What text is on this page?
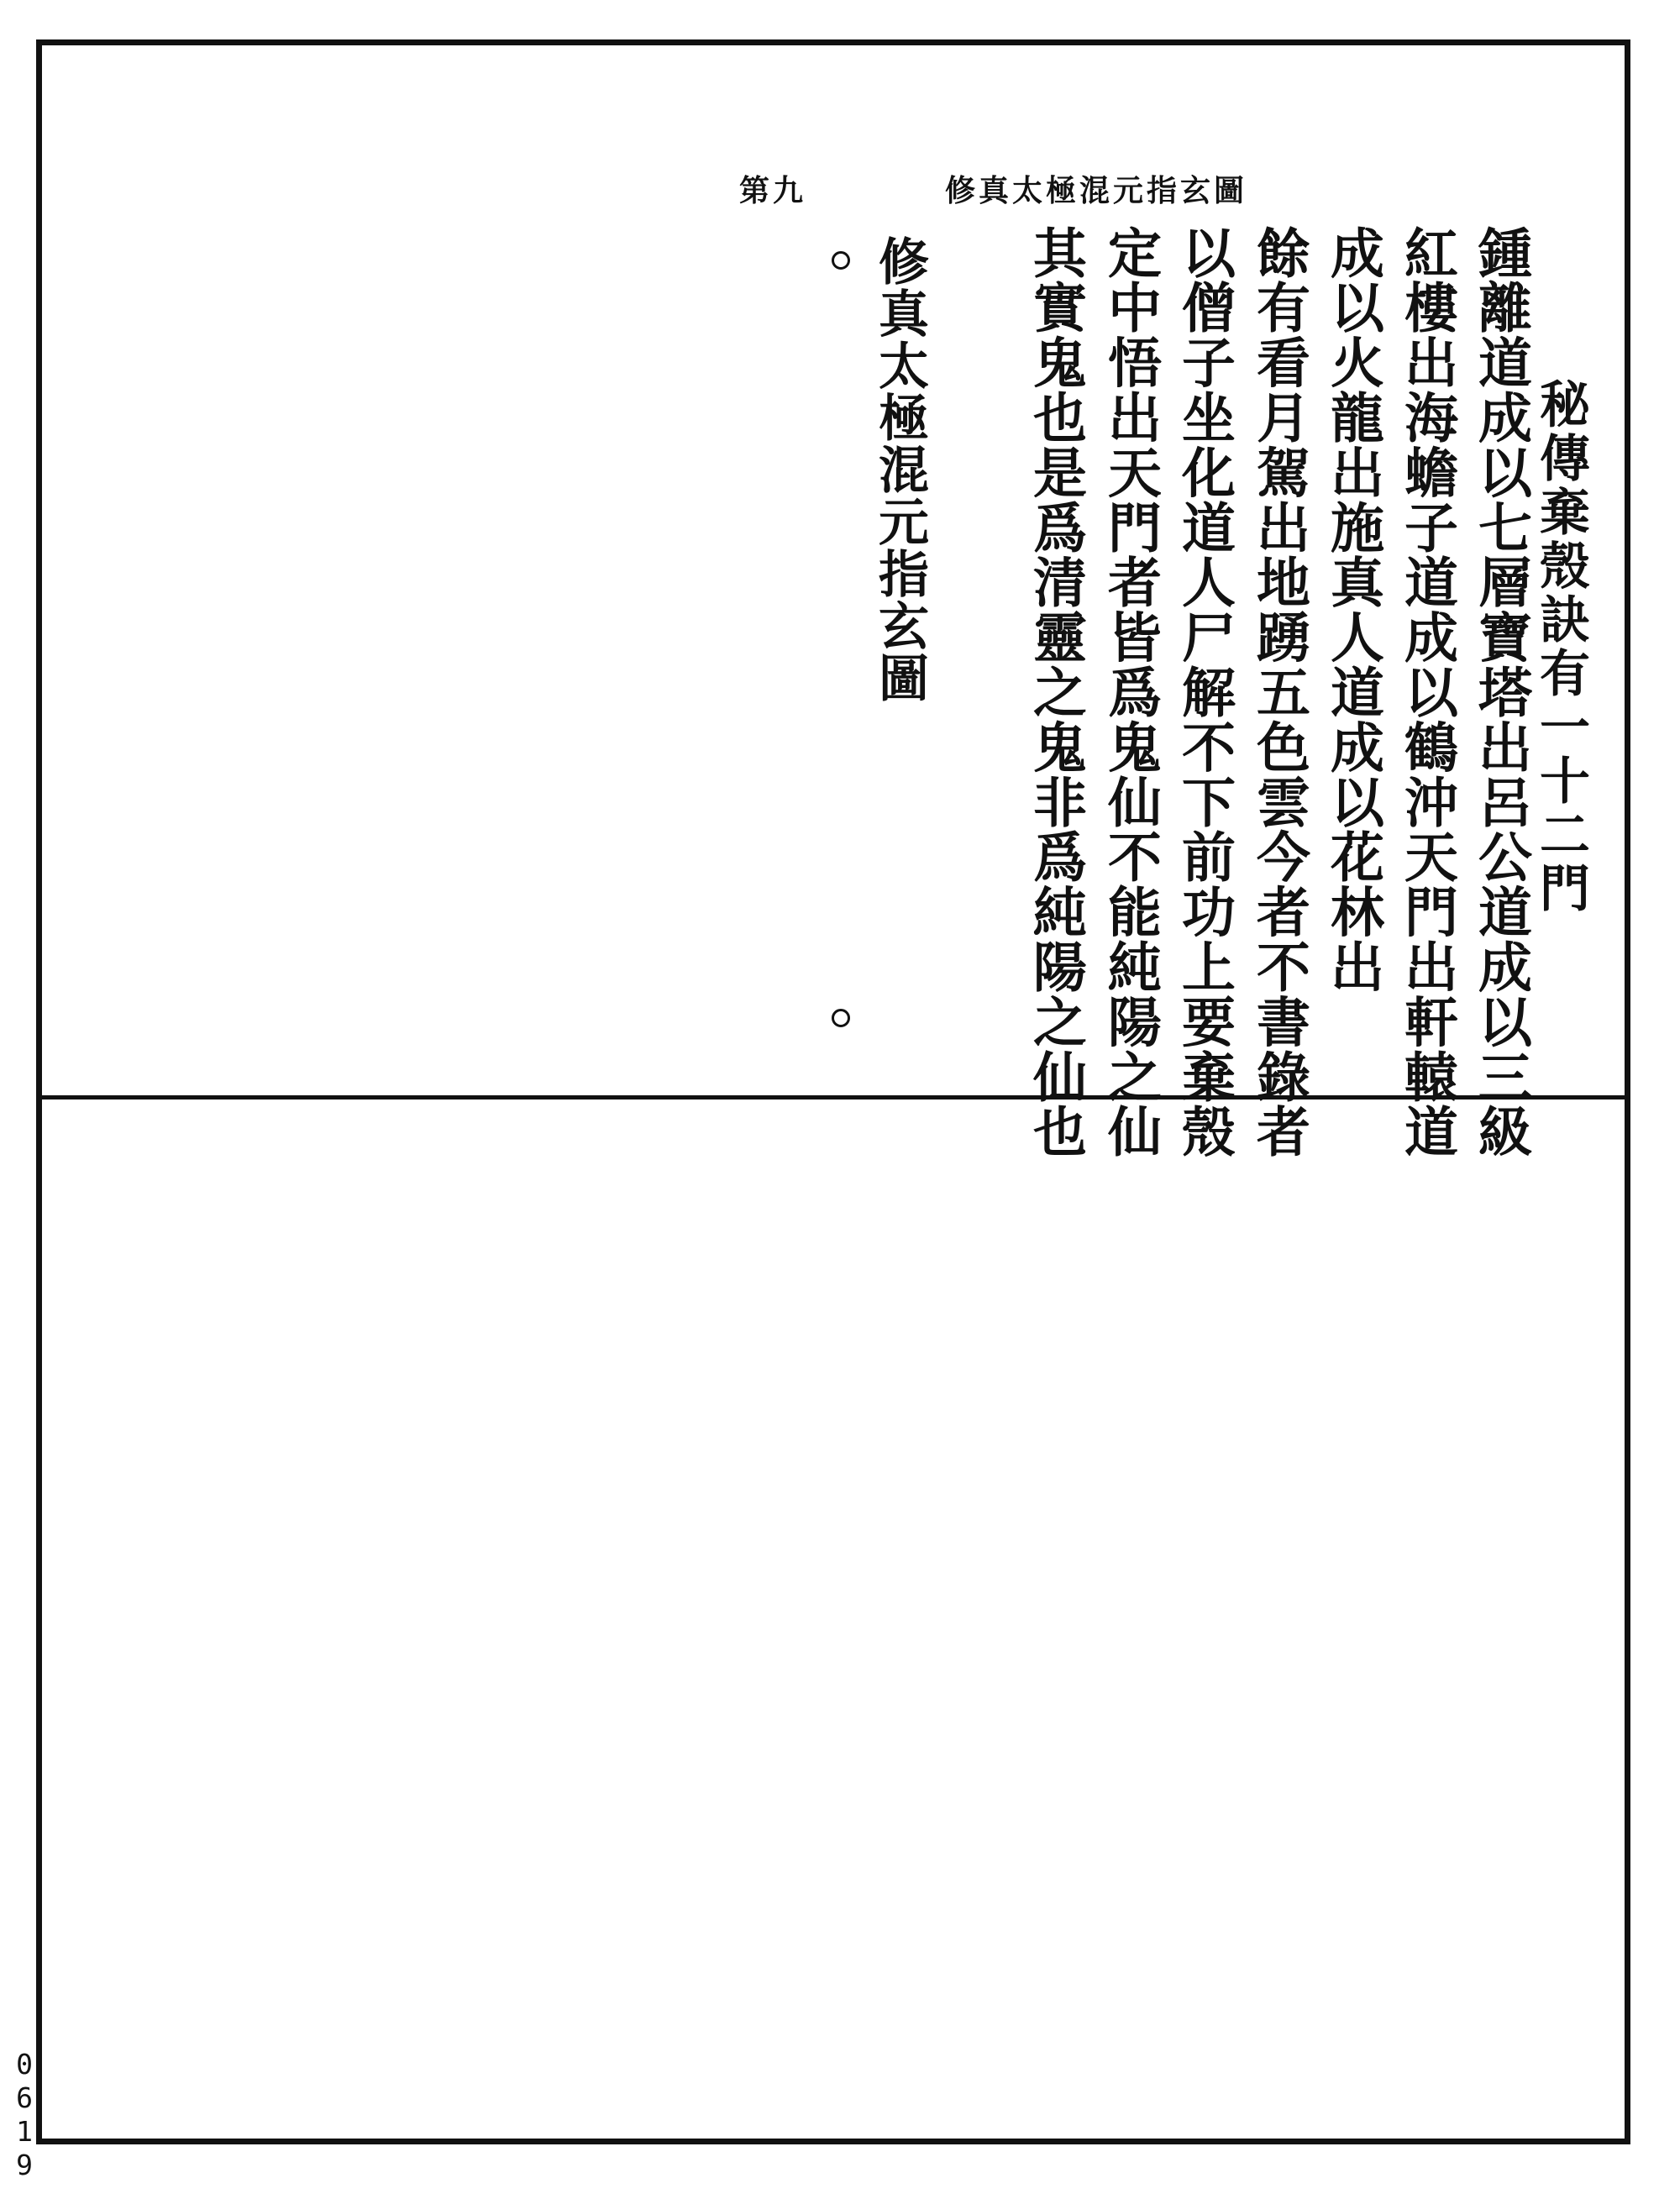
第九	修真太極混元指玄圖
秘傳棄殼訣有一十二門
鍾離道成以七層寶塔出呂公道成以三級
紅樓出海蟾子道成以鶴沖天門出軒轅道
成以火龍出施真人道成以花林出
餘有看月駕出地踴五色雲今者不書錄者
以僧子坐化道人尸解不下前功上要棄殼
定中悟出天門者皆爲鬼仙不能純陽之仙
其實鬼也是爲清靈之鬼非爲純陽之仙也
修真太極混元指玄圖
0619
